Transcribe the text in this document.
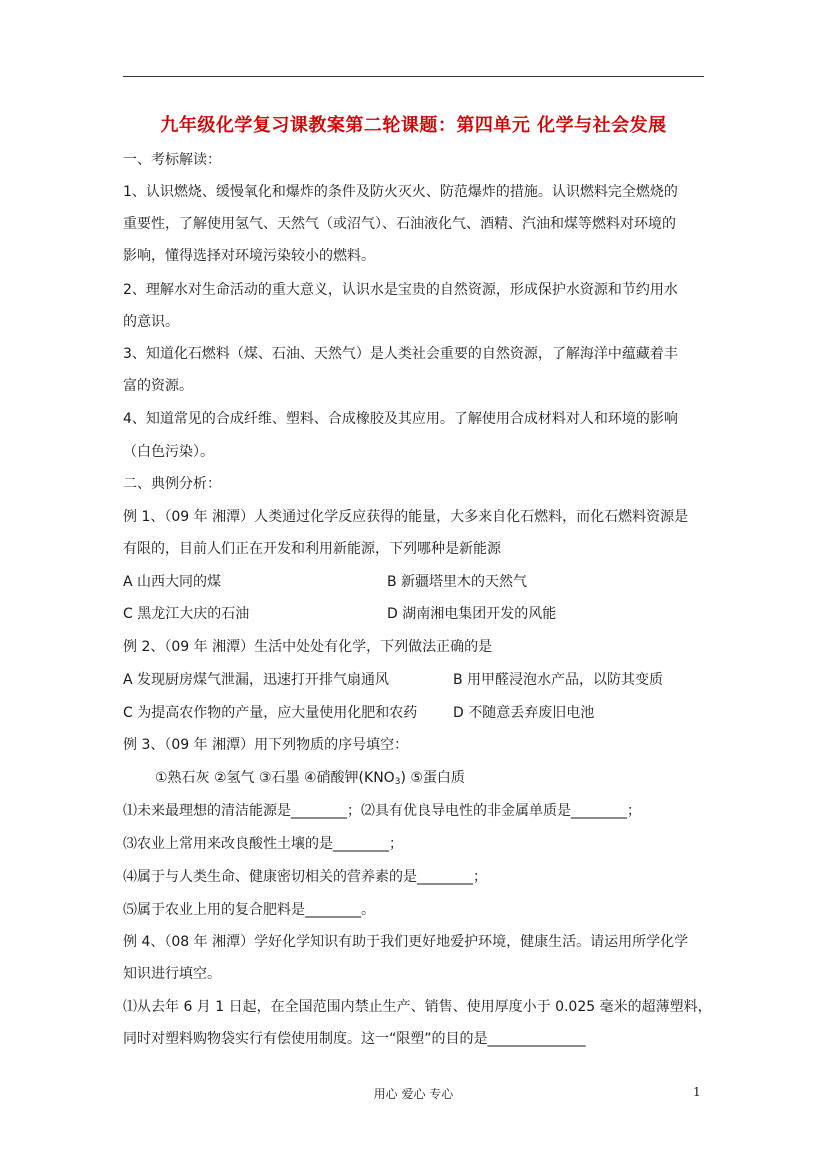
九年级化学复习课教案第二轮课题：第四单元 化学与社会发展
一、考标解读：
1、认识燃烧、缓慢氧化和爆炸的条件及防火灭火、防范爆炸的措施。认识燃料完全燃烧的
重要性，了解使用氢气、天然气（或沼气）、石油液化气、酒精、汽油和煤等燃料对环境的
影响，懂得选择对环境污染较小的燃料。
2、理解水对生命活动的重大意义，认识水是宝贵的自然资源，形成保护水资源和节约用水
的意识。
3、知道化石燃料（煤、石油、天然气）是人类社会重要的自然资源，了解海洋中蕴藏着丰
富的资源。
4、知道常见的合成纤维、塑料、合成橡胶及其应用。了解使用合成材料对人和环境的影响
（白色污染）。
二、典例分析：
例 1、（09 年 湘潭）人类通过化学反应获得的能量，大多来自化石燃料，而化石燃料资源是
有限的，目前人们正在开发和利用新能源，下列哪种是新能源
A 山西大同的煤	B 新疆塔里木的天然气
C 黑龙江大庆的石油	D 湖南湘电集团开发的风能
例 2、（09 年 湘潭）生活中处处有化学，下列做法正确的是
A 发现厨房煤气泄漏，迅速打开排气扇通风	B 用甲醛浸泡水产品，以防其变质
C 为提高农作物的产量，应大量使用化肥和农药	D 不随意丢弃废旧电池
例 3、（09 年 湘潭）用下列物质的序号填空：
①熟石灰 ②氢气 ③石墨 ④硝酸钾$(KNO_3)$ ⑤蛋白质
⑴未来最理想的清洁能源是________；⑵具有优良导电性的非金属单质是________；
⑶农业上常用来改良酸性土壤的是________；
⑷属于与人类生命、健康密切相关的营养素的是________；
⑸属于农业上用的复合肥料是________。
例 4、（08 年 湘潭）学好化学知识有助于我们更好地爱护环境，健康生活。请运用所学化学
知识进行填空。
⑴从去年 6 月 1 日起，在全国范围内禁止生产、销售、使用厚度小于 0.025 毫米的超薄塑料，
同时对塑料购物袋实行有偿使用制度。这一“限塑”的目的是______________
用心 爱心 专心	1
